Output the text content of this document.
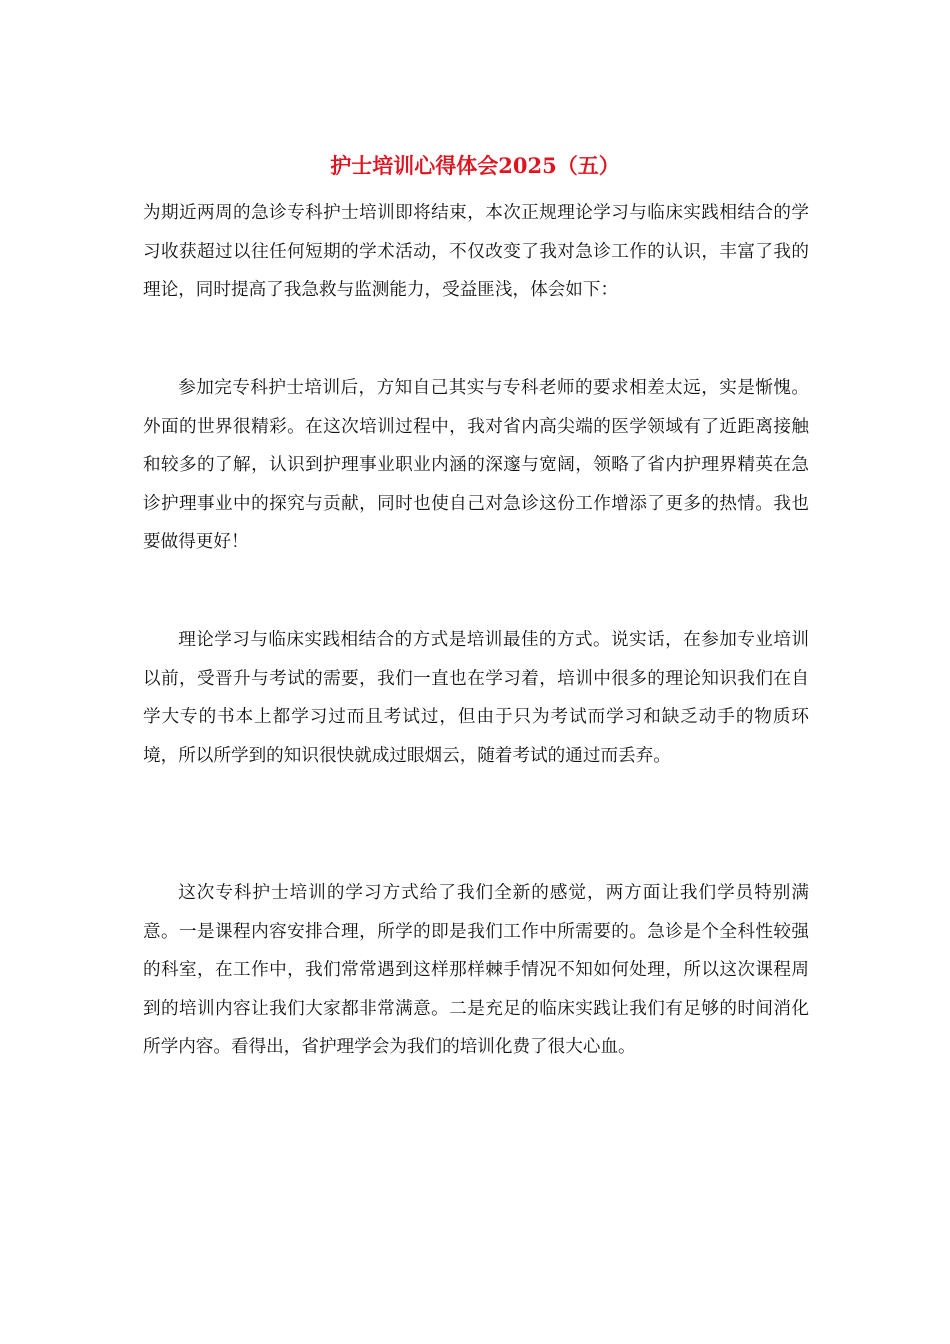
护士培训心得体会2025（五）

为期近两周的急诊专科护士培训即将结束，本次正规理论学习与临床实践相结合的学习收获超过以往任何短期的学术活动，不仅改变了我对急诊工作的认识，丰富了我的理论，同时提高了我急救与监测能力，受益匪浅，体会如下：

参加完专科护士培训后，方知自己其实与专科老师的要求相差太远，实是惭愧。外面的世界很精彩。在这次培训过程中，我对省内高尖端的医学领域有了近距离接触和较多的了解，认识到护理事业职业内涵的深邃与宽阔，领略了省内护理界精英在急诊护理事业中的探究与贡献，同时也使自己对急诊这份工作增添了更多的热情。我也要做得更好！

理论学习与临床实践相结合的方式是培训最佳的方式。说实话，在参加专业培训以前，受晋升与考试的需要，我们一直也在学习着，培训中很多的理论知识我们在自学大专的书本上都学习过而且考试过，但由于只为考试而学习和缺乏动手的物质环境，所以所学到的知识很快就成过眼烟云，随着考试的通过而丢弃。

这次专科护士培训的学习方式给了我们全新的感觉，两方面让我们学员特别满意。一是课程内容安排合理，所学的即是我们工作中所需要的。急诊是个全科性较强的科室，在工作中，我们常常遇到这样那样棘手情况不知如何处理，所以这次课程周到的培训内容让我们大家都非常满意。二是充足的临床实践让我们有足够的时间消化所学内容。看得出，省护理学会为我们的培训化费了很大心血。
